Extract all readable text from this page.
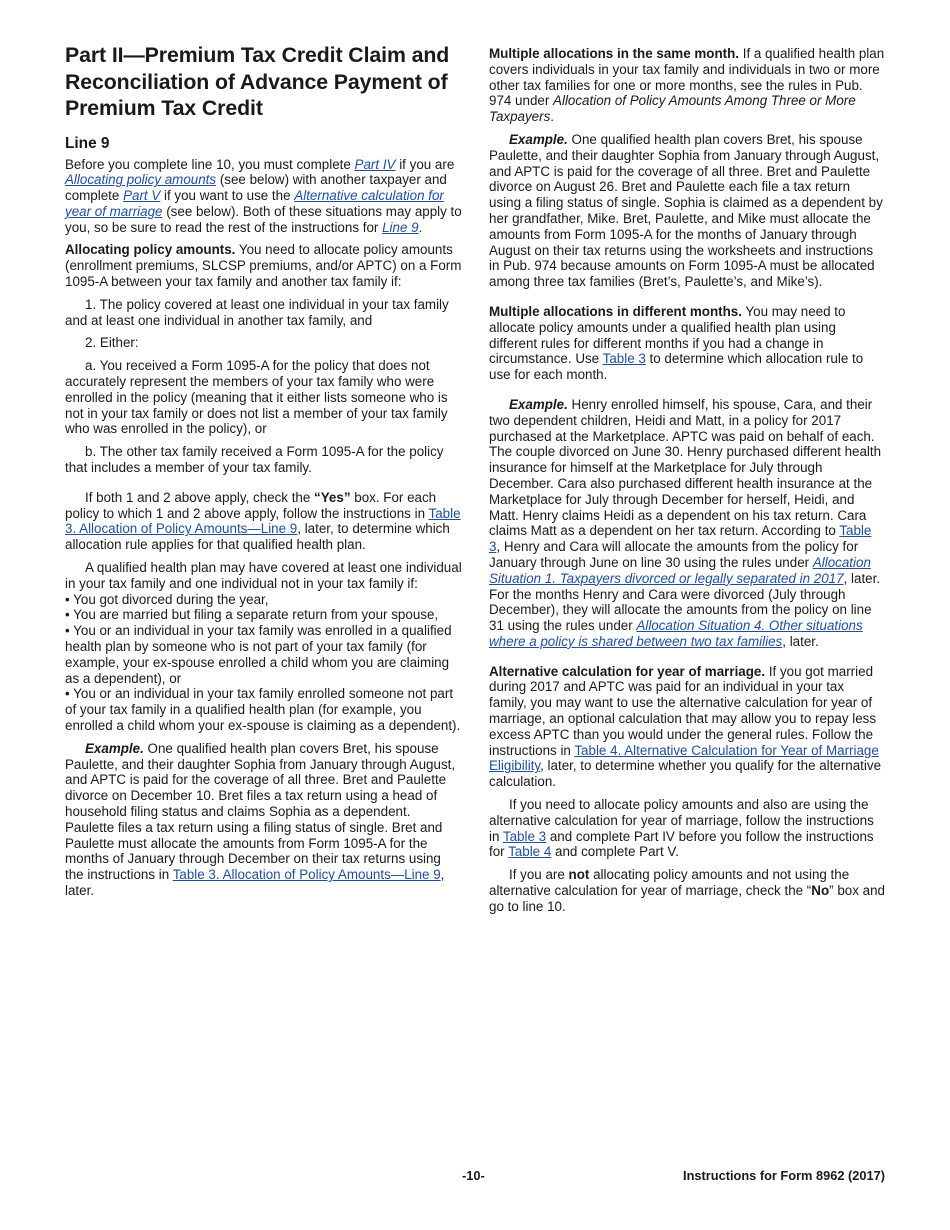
Part II—Premium Tax Credit Claim and Reconciliation of Advance Payment of Premium Tax Credit
Line 9

Before you complete line 10, you must complete Part IV if you are Allocating policy amounts (see below) with another taxpayer and complete Part V if you want to use the Alternative calculation for year of marriage (see below). Both of these situations may apply to you, so be sure to read the rest of the instructions for Line 9.

Allocating policy amounts. You need to allocate policy amounts (enrollment premiums, SLCSP premiums, and/or APTC) on a Form 1095-A between your tax family and another tax family if:

1. The policy covered at least one individual in your tax family and at least one individual in another tax family, and

2. Either:

a. You received a Form 1095-A for the policy that does not accurately represent the members of your tax family who were enrolled in the policy (meaning that it either lists someone who is not in your tax family or does not list a member of your tax family who was enrolled in the policy), or

b. The other tax family received a Form 1095-A for the policy that includes a member of your tax family.

If both 1 and 2 above apply, check the “Yes” box. For each policy to which 1 and 2 above apply, follow the instructions in Table 3. Allocation of Policy Amounts—Line 9, later, to determine which allocation rule applies for that qualified health plan.

A qualified health plan may have covered at least one individual in your tax family and one individual not in your tax family if:

• You got divorced during the year,
• You are married but filing a separate return from your spouse,
• You or an individual in your tax family was enrolled in a qualified health plan by someone who is not part of your tax family (for example, your ex-spouse enrolled a child whom you are claiming as a dependent), or
• You or an individual in your tax family enrolled someone not part of your tax family in a qualified health plan (for example, you enrolled a child whom your ex-spouse is claiming as a dependent).

Example. One qualified health plan covers Bret, his spouse Paulette, and their daughter Sophia from January through August, and APTC is paid for the coverage of all three. Bret and Paulette divorce on December 10. Bret files a tax return using a head of household filing status and claims Sophia as a dependent. Paulette files a tax return using a filing status of single. Bret and Paulette must allocate the amounts from Form 1095-A for the months of January through December on their tax returns using the instructions in Table 3. Allocation of Policy Amounts—Line 9, later.

Multiple allocations in the same month. If a qualified health plan covers individuals in your tax family and individuals in two or more other tax families for one or more months, see the rules in Pub. 974 under Allocation of Policy Amounts Among Three or More Taxpayers.

Example. One qualified health plan covers Bret, his spouse Paulette, and their daughter Sophia from January through August, and APTC is paid for the coverage of all three. Bret and Paulette divorce on August 26. Bret and Paulette each file a tax return using a filing status of single. Sophia is claimed as a dependent by her grandfather, Mike. Bret, Paulette, and Mike must allocate the amounts from Form 1095-A for the months of January through August on their tax returns using the worksheets and instructions in Pub. 974 because amounts on Form 1095-A must be allocated among three tax families (Bret’s, Paulette’s, and Mike’s).

Multiple allocations in different months. You may need to allocate policy amounts under a qualified health plan using different rules for different months if you had a change in circumstance. Use Table 3 to determine which allocation rule to use for each month.

Example. Henry enrolled himself, his spouse, Cara, and their two dependent children, Heidi and Matt, in a policy for 2017 purchased at the Marketplace. APTC was paid on behalf of each. The couple divorced on June 30. Henry purchased different health insurance for himself at the Marketplace for July through December. Cara also purchased different health insurance at the Marketplace for July through December for herself, Heidi, and Matt. Henry claims Heidi as a dependent on his tax return. Cara claims Matt as a dependent on her tax return. According to Table 3, Henry and Cara will allocate the amounts from the policy for January through June on line 30 using the rules under Allocation Situation 1. Taxpayers divorced or legally separated in 2017, later. For the months Henry and Cara were divorced (July through December), they will allocate the amounts from the policy on line 31 using the rules under Allocation Situation 4. Other situations where a policy is shared between two tax families, later.

Alternative calculation for year of marriage. If you got married during 2017 and APTC was paid for an individual in your tax family, you may want to use the alternative calculation for year of marriage, an optional calculation that may allow you to repay less excess APTC than you would under the general rules. Follow the instructions in Table 4. Alternative Calculation for Year of Marriage Eligibility, later, to determine whether you qualify for the alternative calculation.

If you need to allocate policy amounts and also are using the alternative calculation for year of marriage, follow the instructions in Table 3 and complete Part IV before you follow the instructions for Table 4 and complete Part V.

If you are not allocating policy amounts and not using the alternative calculation for year of marriage, check the “No” box and go to line 10.

-10-	Instructions for Form 8962 (2017)
